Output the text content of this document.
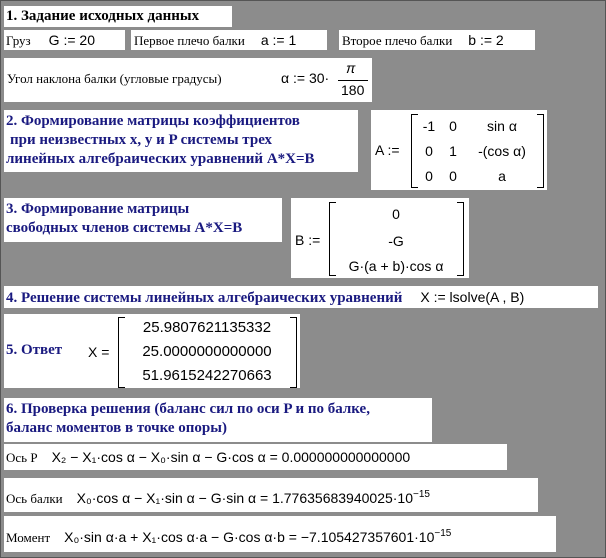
1. Задание исходных данных
Груз G := 20	Первое плечо балки a := 1	Второе плечо балки b := 2
Угол наклона балки (угловые градусы)	α := 30·
π
180
2. Формирование матрицы коэффициентов
при неизвестных x, y и P системы трех
линейных алгебраических уравнений A*X=B
A :=
-1 0	sin α
0	1	-(cos α)
0	0	a
3. Формирование матрицы
свободных членов системы A*X=B
B :=
0
-G
G·(a + b)·cos α
4. Решение системы линейных алгебраических уравнений X := lsolve(A , B)
5. Ответ X =
25.9807621135332
25.0000000000000
51.9615242270663
6. Проверка решения (баланс сил по оси P и по балке,
баланс моментов в точке опоры)
Ось P X₂ − X₁·cos α − X₀·sin α − G·cos α = 0.000000000000000
Ось балки X₀·cos α − X₁·sin α − G·sin $\alpha = 1.77635683940025\cdot 10^{-15}$
Момент X₀·sin α·a + X₁·cos α·a − G·cos $\alpha\cdot b = -7.105427357601\cdot 10^{-15}$
